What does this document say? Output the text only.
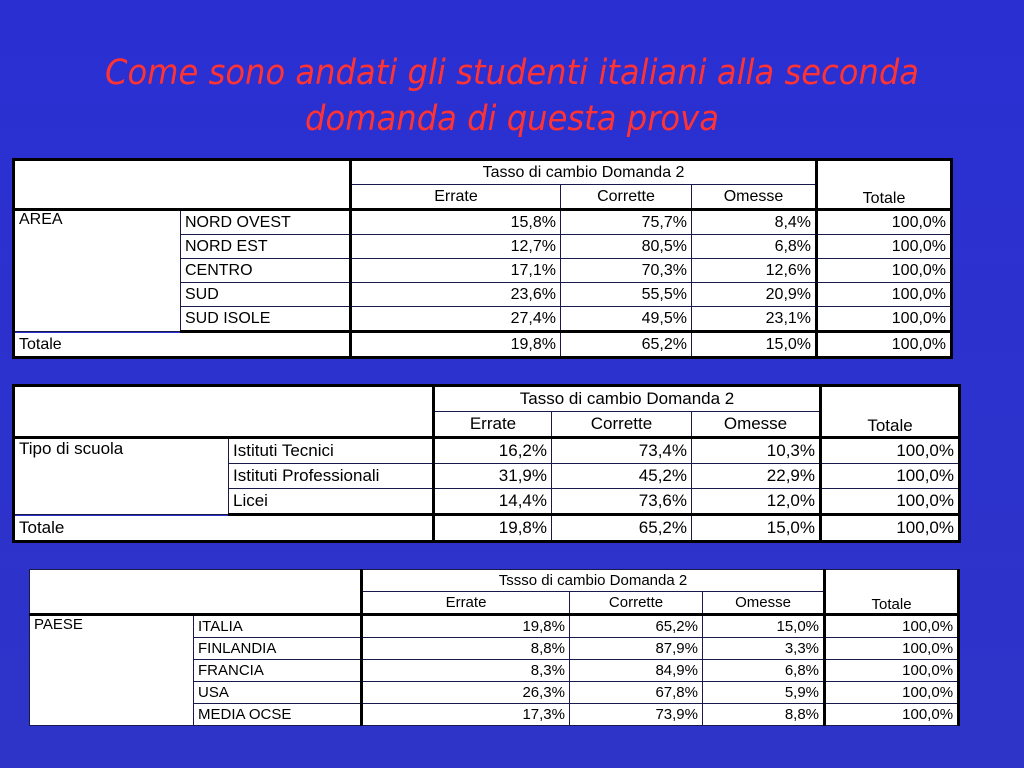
Come sono andati gli studenti italiani alla seconda
domanda di questa prova
		Tasso di cambio Domanda 2			Totale
		Errate	Corrette	Omesse	
AREA	NORD OVEST	15,8%	75,7%	8,4%	100,0%
	NORD EST	12,7%	80,5%	6,8%	100,0%
	CENTRO	17,1%	70,3%	12,6%	100,0%
	SUD	23,6%	55,5%	20,9%	100,0%
	SUD ISOLE	27,4%	49,5%	23,1%	100,0%
Totale		19,8%	65,2%	15,0%	100,0%
		Tasso di cambio Domanda 2			Totale
		Errate	Corrette	Omesse	
Tipo di scuola	Istituti Tecnici	16,2%	73,4%	10,3%	100,0%
	Istituti Professionali	31,9%	45,2%	22,9%	100,0%
	Licei	14,4%	73,6%	12,0%	100,0%
Totale		19,8%	65,2%	15,0%	100,0%
		Tssso di cambio Domanda 2			Totale
		Errate	Corrette	Omesse	
PAESE	ITALIA	19,8%	65,2%	15,0%	100,0%
	FINLANDIA	8,8%	87,9%	3,3%	100,0%
	FRANCIA	8,3%	84,9%	6,8%	100,0%
	USA	26,3%	67,8%	5,9%	100,0%
	MEDIA OCSE	17,3%	73,9%	8,8%	100,0%
